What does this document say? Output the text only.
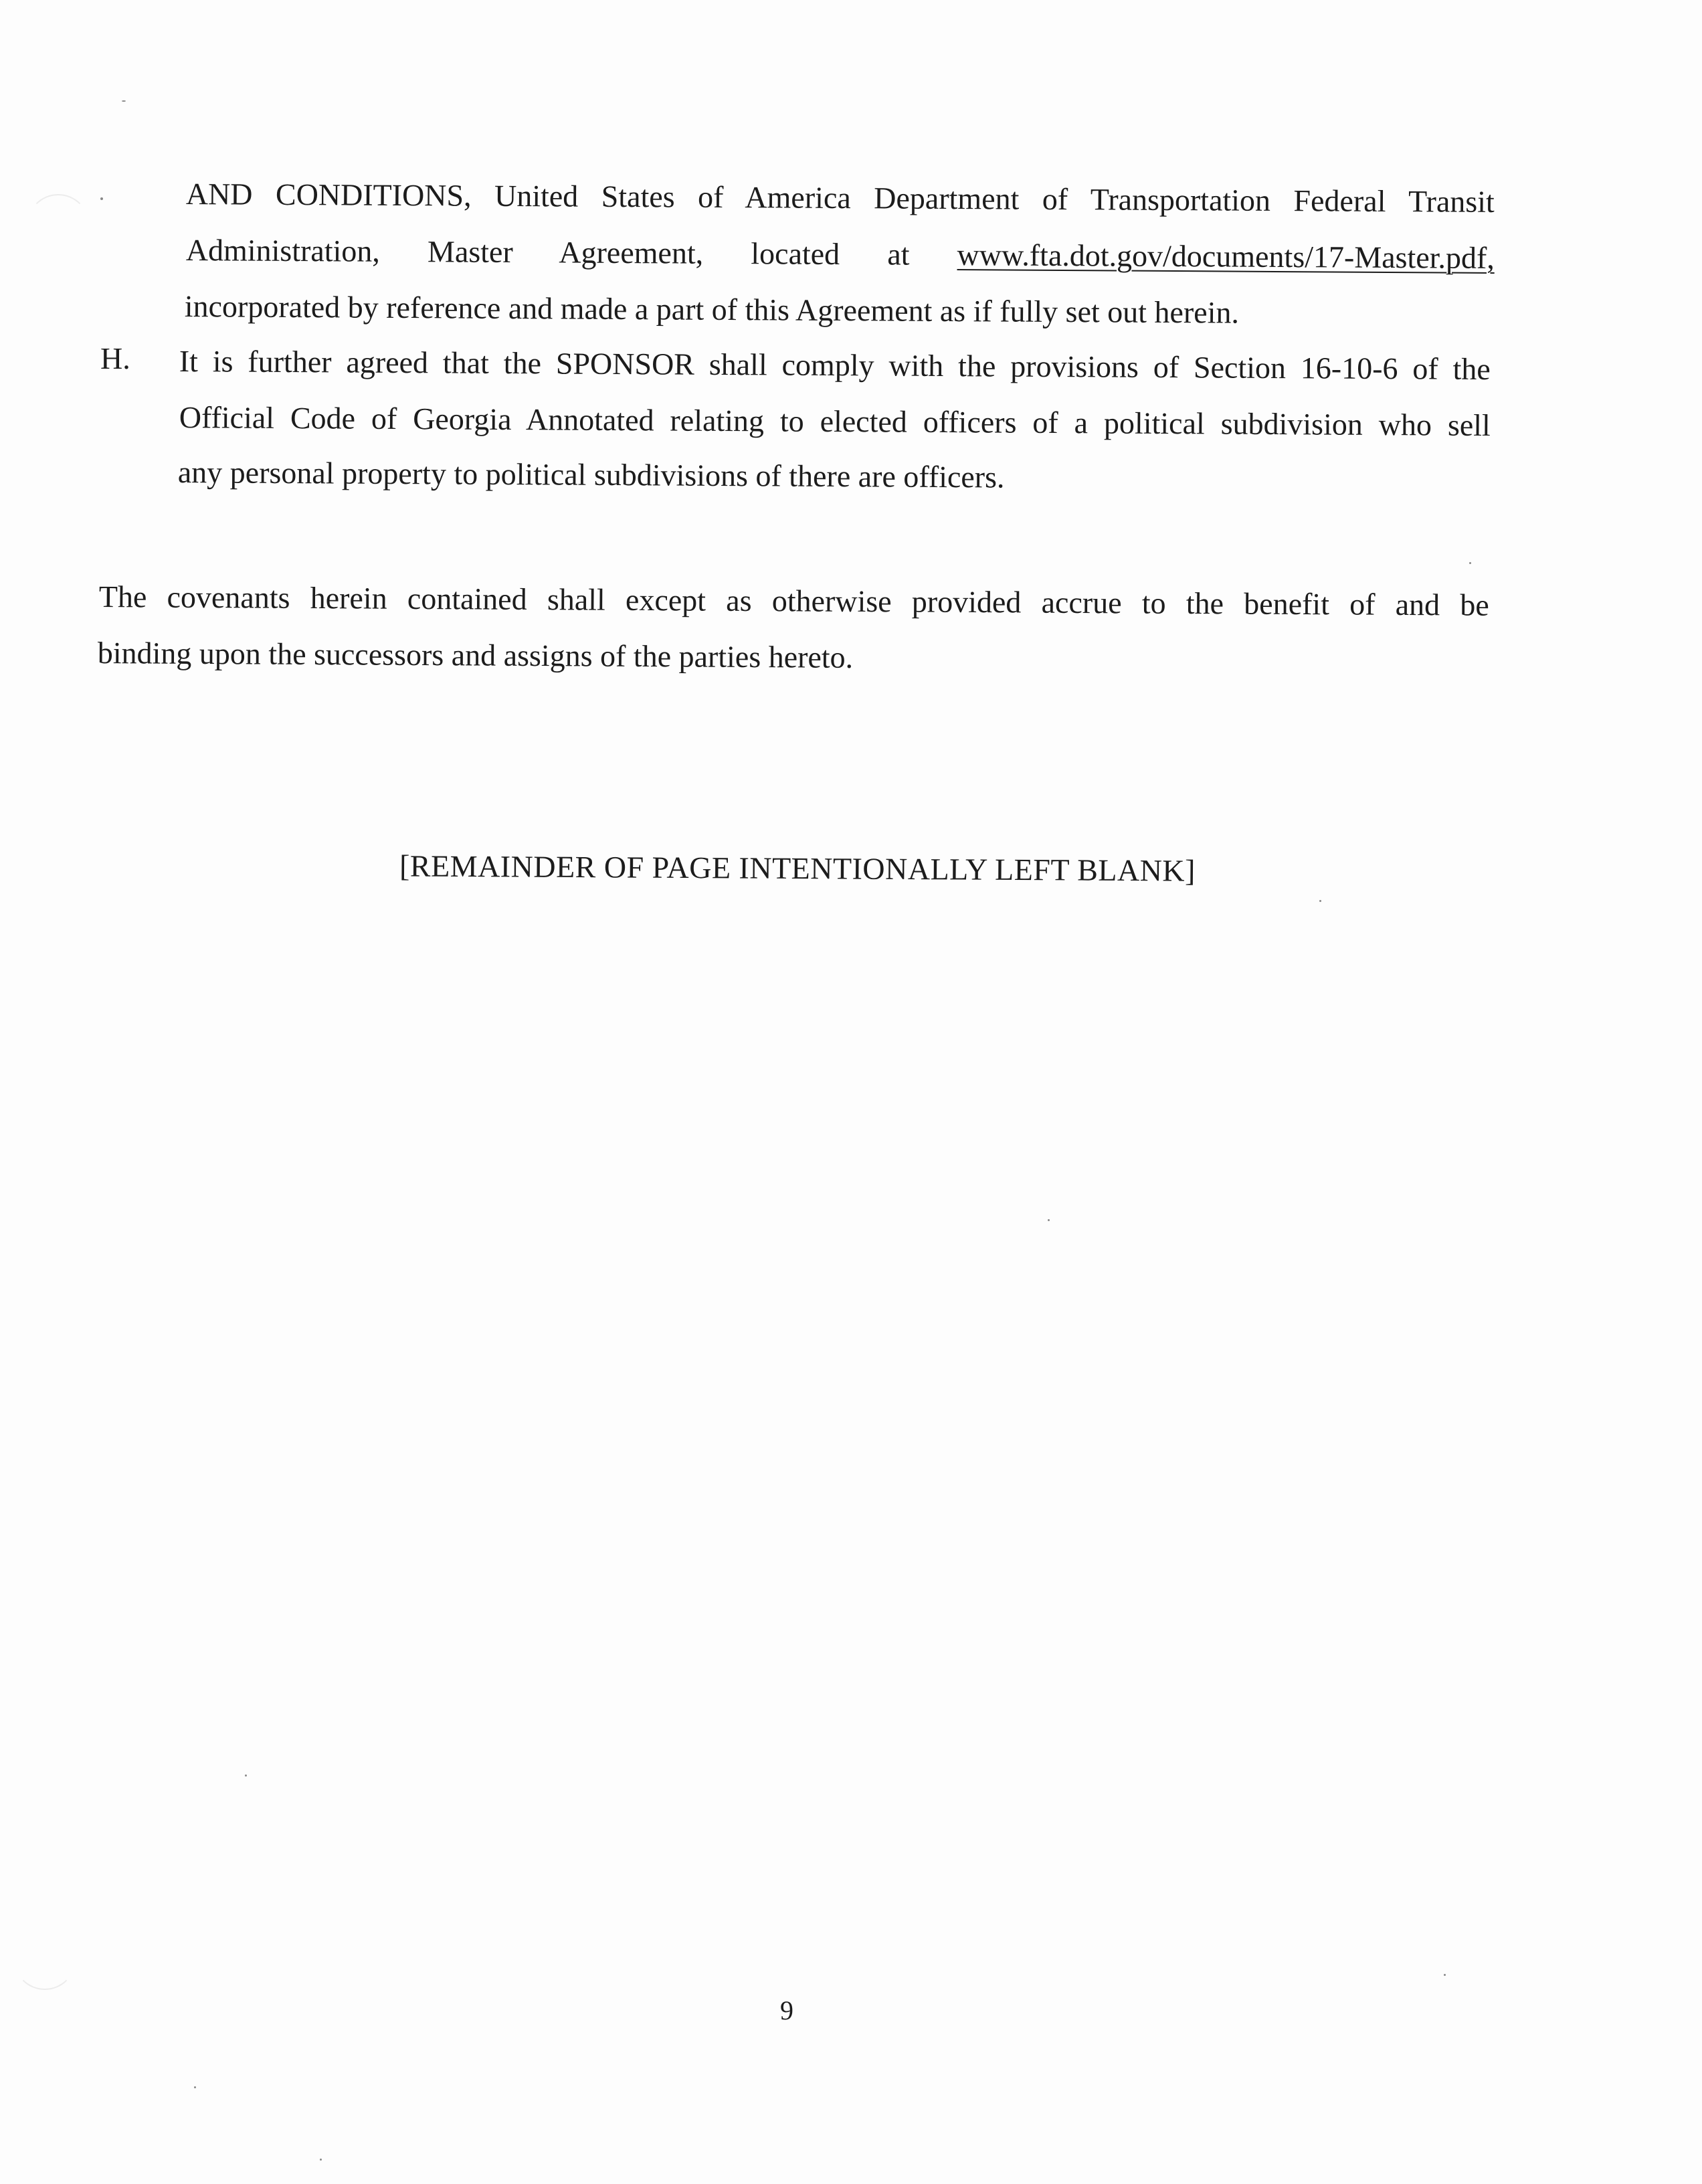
AND CONDITIONS, United States of America Department of Transportation Federal Transit
Administration, Master Agreement, located at www.fta.dot.gov/documents/17-Master.pdf,
incorporated by reference and made a part of this Agreement as if fully set out herein.
H. It is further agreed that the SPONSOR shall comply with the provisions of Section 16-10-6 of the
Official Code of Georgia Annotated relating to elected officers of a political subdivision who sell
any personal property to political subdivisions of there are officers.
The covenants herein contained shall except as otherwise provided accrue to the benefit of and be
binding upon the successors and assigns of the parties hereto.
[REMAINDER OF PAGE INTENTIONALLY LEFT BLANK]
9
